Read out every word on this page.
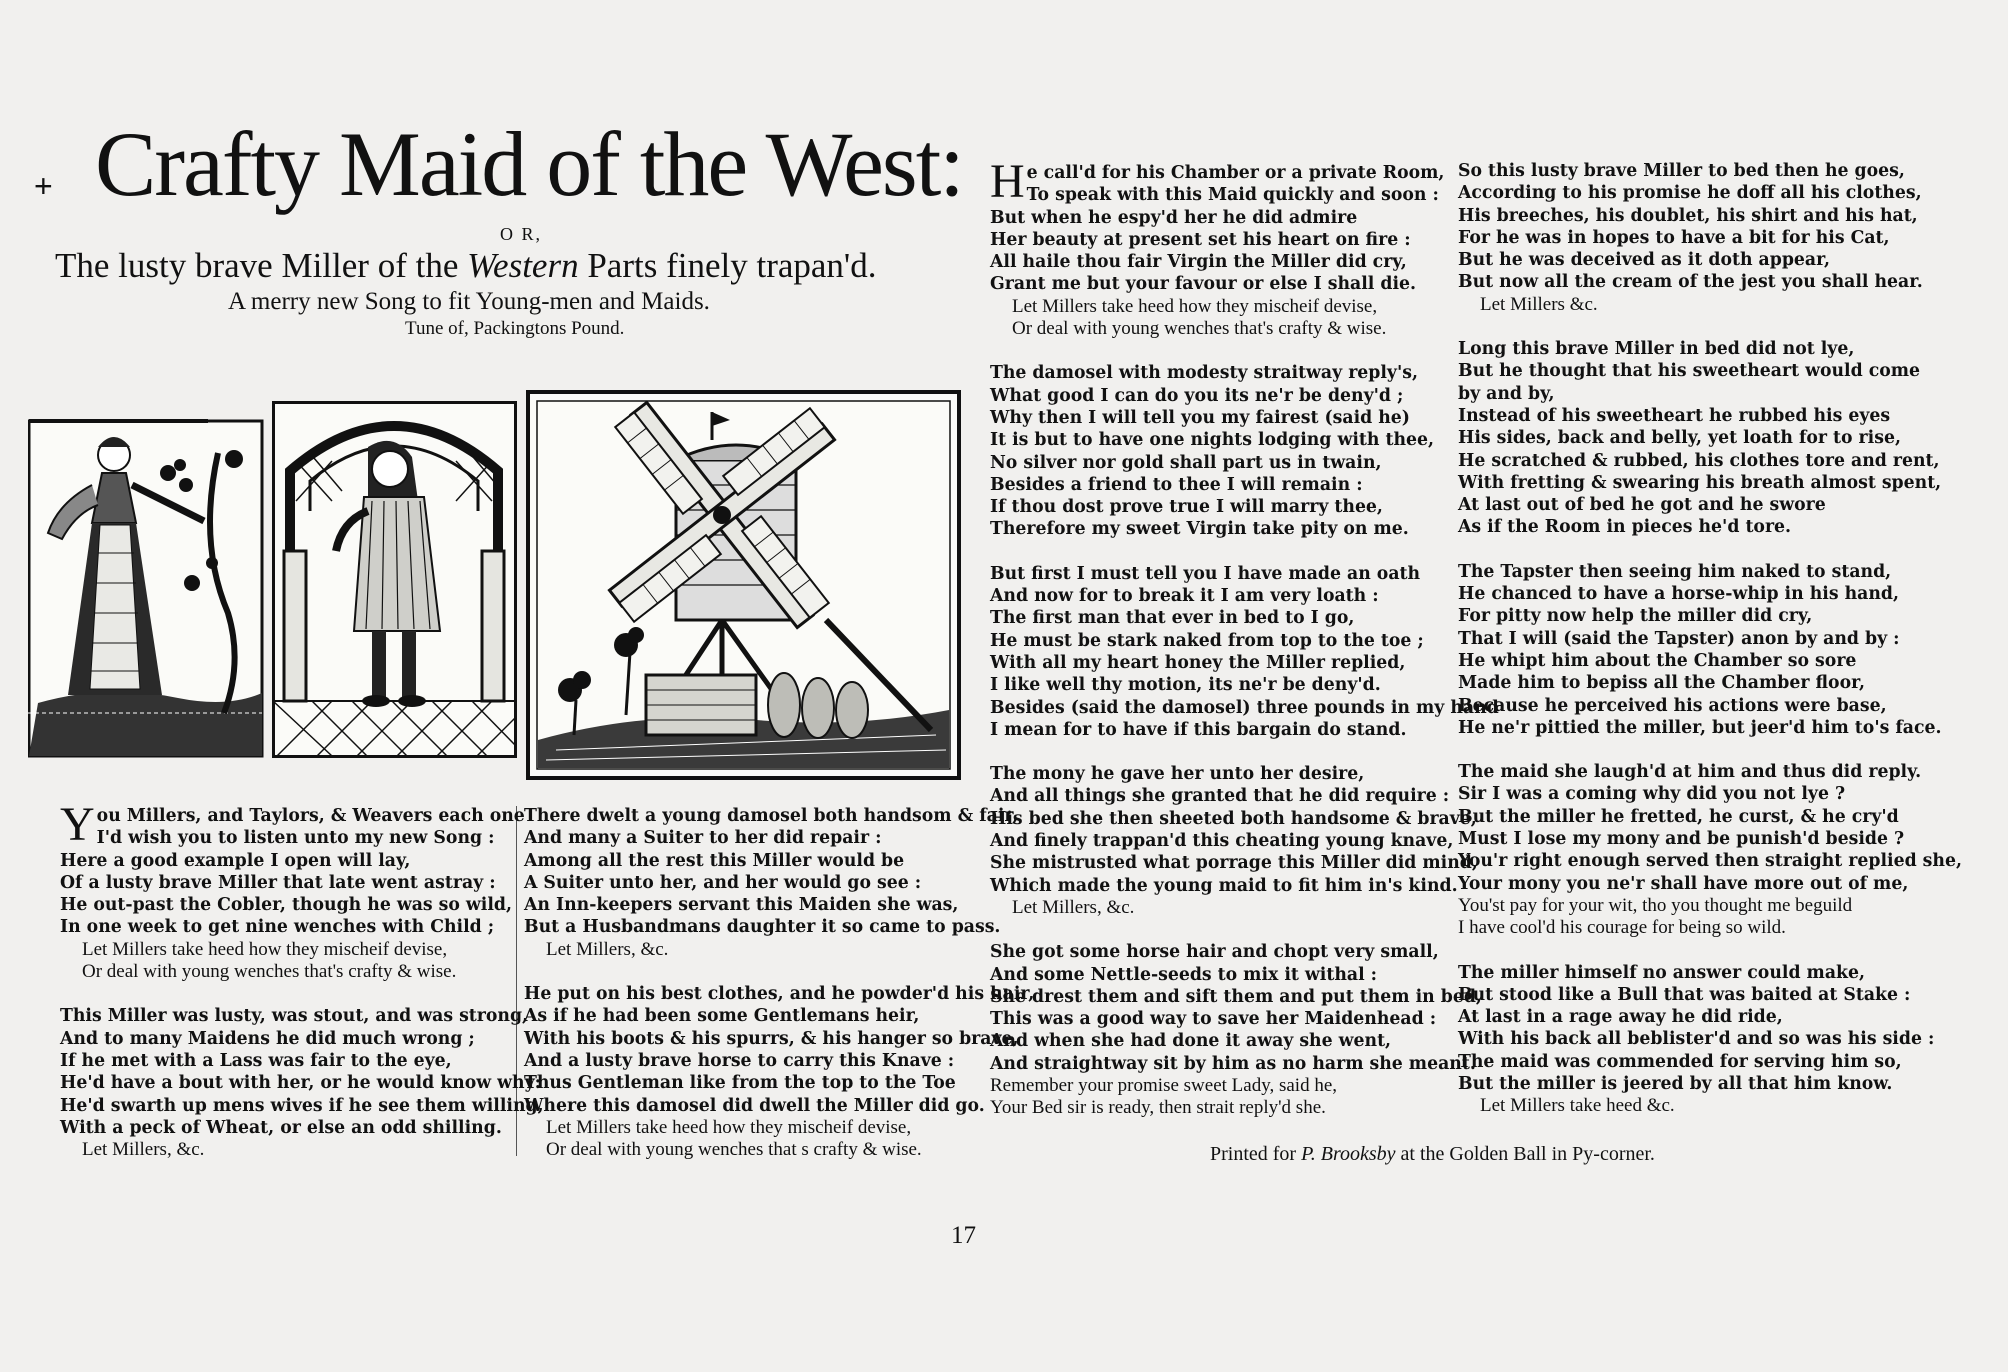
+ Crafty Maid of the West:
O R,
The lusty brave Miller of the Western Parts finely trapan'd.
A merry new Song to fit Young-men and Maids.
Tune of, Packingtons Pound.
Y ou Millers, and Taylors, & Weavers each one
I'd wish you to listen unto my new Song :
Here a good example I open will lay,
Of a lusty brave Miller that late went astray :
He out-past the Cobler, though he was so wild,
In one week to get nine wenches with Child ;
Let Millers take heed how they mischeif devise,
Or deal with young wenches that's crafty & wise.
This Miller was lusty, was stout, and was strong,
And to many Maidens he did much wrong ;
If he met with a Lass was fair to the eye,
He'd have a bout with her, or he would know why:
He'd swarth up mens wives if he see them willing,
With a peck of Wheat, or else an odd shilling.
Let Millers, &c.
There dwelt a young damosel both handsom & fair,
And many a Suiter to her did repair :
Among all the rest this Miller would be
A Suiter unto her, and her would go see :
An Inn-keepers servant this Maiden she was,
But a Husbandmans daughter it so came to pass.
Let Millers, &c.
He put on his best clothes, and he powder'd his hair,
As if he had been some Gentlemans heir,
With his boots & his spurrs, & his hanger so brave,
And a lusty brave horse to carry this Knave :
Thus Gentleman like from the top to the Toe
Where this damosel did dwell the Miller did go.
Let Millers take heed how they mischeif devise,
Or deal with young wenches that s crafty & wise.
H e call'd for his Chamber or a private Room,
To speak with this Maid quickly and soon :
But when he espy'd her he did admire
Her beauty at present set his heart on fire :
All haile thou fair Virgin the Miller did cry,
Grant me but your favour or else I shall die.
Let Millers take heed how they mischeif devise,
Or deal with young wenches that's crafty & wise.
The damosel with modesty straitway reply's,
What good I can do you its ne'r be deny'd ;
Why then I will tell you my fairest (said he)
It is but to have one nights lodging with thee,
No silver nor gold shall part us in twain,
Besides a friend to thee I will remain :
If thou dost prove true I will marry thee,
Therefore my sweet Virgin take pity on me.
But first I must tell you I have made an oath
And now for to break it I am very loath :
The first man that ever in bed to I go,
He must be stark naked from top to the toe ;
With all my heart honey the Miller replied,
I like well thy motion, its ne'r be deny'd.
Besides (said the damosel) three pounds in my hand
I mean for to have if this bargain do stand.
The mony he gave her unto her desire,
And all things she granted that he did require :
His bed she then sheeted both handsome & brave,
And finely trappan'd this cheating young knave,
She mistrusted what porrage this Miller did mind,
Which made the young maid to fit him in's kind.
Let Millers, &c.
She got some horse hair and chopt very small,
And some Nettle-seeds to mix it withal :
She drest them and sift them and put them in bed,
This was a good way to save her Maidenhead :
And when she had done it away she went,
And straightway sit by him as no harm she meant.
Remember your promise sweet Lady, said he,
Your Bed sir is ready, then strait reply'd she.
So this lusty brave Miller to bed then he goes,
According to his promise he doff all his clothes,
His breeches, his doublet, his shirt and his hat,
For he was in hopes to have a bit for his Cat,
But he was deceived as it doth appear,
But now all the cream of the jest you shall hear.
Let Millers &c.
Long this brave Miller in bed did not lye,
But he thought that his sweetheart would come
by and by,
Instead of his sweetheart he rubbed his eyes
His sides, back and belly, yet loath for to rise,
He scratched & rubbed, his clothes tore and rent,
With fretting & swearing his breath almost spent,
At last out of bed he got and he swore
As if the Room in pieces he'd tore.
The Tapster then seeing him naked to stand,
He chanced to have a horse-whip in his hand,
For pitty now help the miller did cry,
That I will (said the Tapster) anon by and by :
He whipt him about the Chamber so sore
Made him to bepiss all the Chamber floor,
Because he perceived his actions were base,
He ne'r pittied the miller, but jeer'd him to's face.
The maid she laugh'd at him and thus did reply.
Sir I was a coming why did you not lye ?
But the miller he fretted, he curst, & he cry'd
Must I lose my mony and be punish'd beside ?
You'r right enough served then straight replied she,
Your mony you ne'r shall have more out of me,
You'st pay for your wit, tho you thought me beguild
I have cool'd his courage for being so wild.
The miller himself no answer could make,
But stood like a Bull that was baited at Stake :
At last in a rage away he did ride,
With his back all beblister'd and so was his side :
The maid was commended for serving him so,
But the miller is jeered by all that him know.
Let Millers take heed &c.
Printed for P. Brooksby at the Golden Ball in Py-corner.
17
